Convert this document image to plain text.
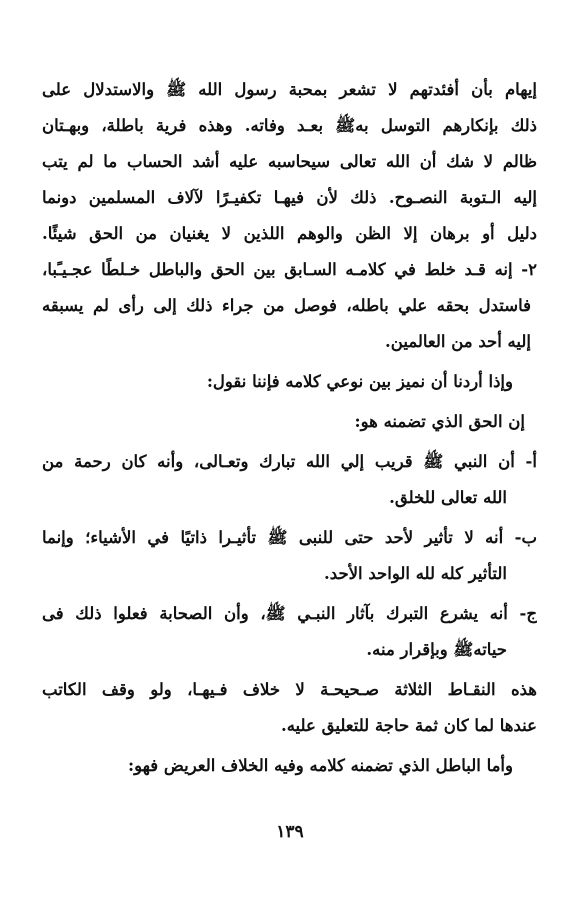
إيهام بأن أفئدتهم لا تشعر بمحبة رسول الله ﷺ والاستدلال على
ذلك بإنكارهم التوسل بهﷺ بعـد وفاته. وهذه فرية باطلة، وبهـتان
ظالم لا شك أن الله تعالى سيحاسبه عليه أشد الحساب ما لم يتب
إليه الـتوبة النصـوح. ذلك لأن فيهـا تكفيـرًا لآلاف المسلمين دونما
دليل أو برهان إلا الظن والوهم اللذين لا يغنيان من الحق شيئًا.
٢- إنه قـد خلط في كلامـه السـابق بين الحق والباطل خـلطًا عجـيـًبا،
فاستدل بحقه علي باطله، فوصل من جراء ذلك إلى رأى لم يسبقه
إليه أحد من العالمين.
وإذا أردنا أن نميز بين نوعي كلامه فإننا نقول:
إن الحق الذي تضمنه هو:
أ- أن النبي ﷺ قريب إلي الله تبارك وتعـالى، وأنه كان رحمة من
الله تعالى للخلق.
ب- أنه لا تأثير لأحد حتى للنبى ﷺ تأثيـرا ذاتيًا في الأشياء؛ وإنما
التأثير كله لله الواحد الأحد.
ج- أنه يشرع التبرك بآثار النبـي ﷺ، وأن الصحابة فعلوا ذلك فى
حياتهﷺ وبإقرار منه.
هذه النقـاط الثلاثة صـحيحـة لا خلاف فـيهـا، ولو وقف الكاتب
عندها لما كان ثمة حاجة للتعليق عليه.
وأما الباطل الذي تضمنه كلامه وفيه الخلاف العريض فهو:
١٣٩
